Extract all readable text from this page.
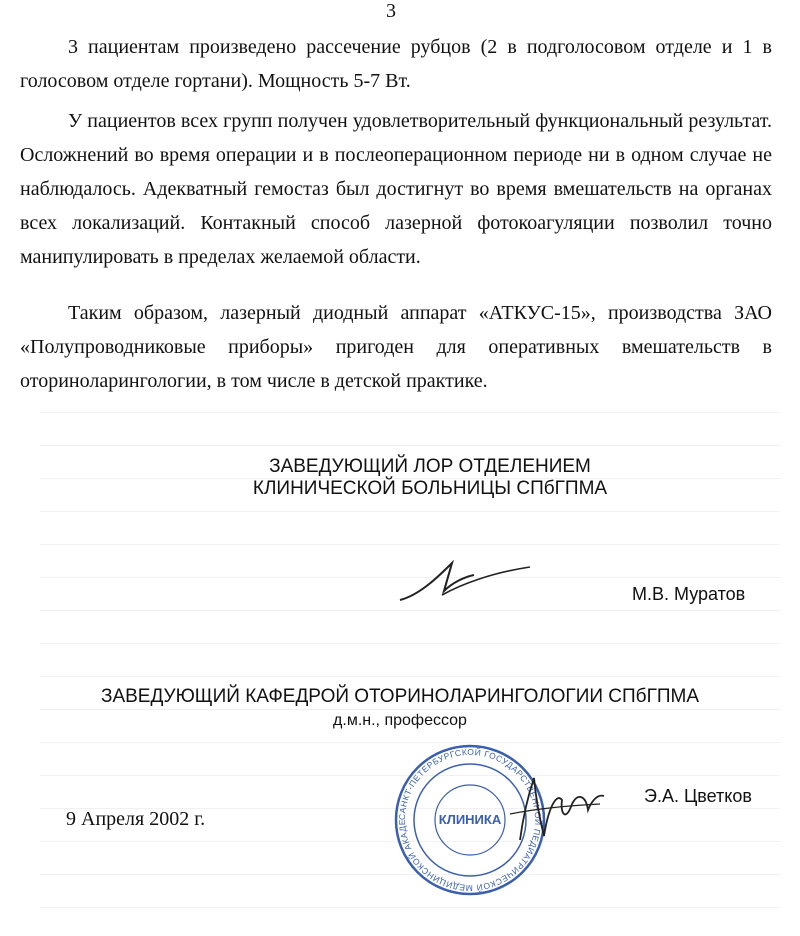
3

3 пациентам произведено рассечение рубцов (2 в подголосовом отделе и 1 в голосовом отделе гортани). Мощность 5-7 Вт.

У пациентов всех групп получен удовлетворительный функциональный результат. Осложнений во время операции и в послеоперационном периоде ни в одном случае не наблюдалось. Адекватный гемостаз был достигнут во время вмешательств на органах всех локализаций. Контакный способ лазерной фотокоагуляции позволил точно манипулировать в пределах желаемой области.

Таким образом, лазерный диодный аппарат «АТКУС-15», производства ЗАО «Полупроводниковые приборы» пригоден для оперативных вмешательств в оториноларингологии, в том числе в детской практике.

ЗАВЕДУЮЩИЙ ЛОР ОТДЕЛЕНИЕМ
КЛИНИЧЕСКОЙ БОЛЬНИЦЫ СПбГПМА
М.В. Муратов
ЗАВЕДУЮЩИЙ КАФЕДРОЙ ОТОРИНОЛАРИНГОЛОГИИ СПбГПМА
д.м.н., профессор
9 Апреля 2002 г.	САНКТ-ПЕТЕРБУРГСКОЙ ГОСУДАРСТВЕННОЙ ПЕДИАТРИЧЕСКОЙ МЕДИЦИНСКОЙ АКАДЕМИИ МИНЗДРАВА
КЛИНИКА
Э.А. Цветков
